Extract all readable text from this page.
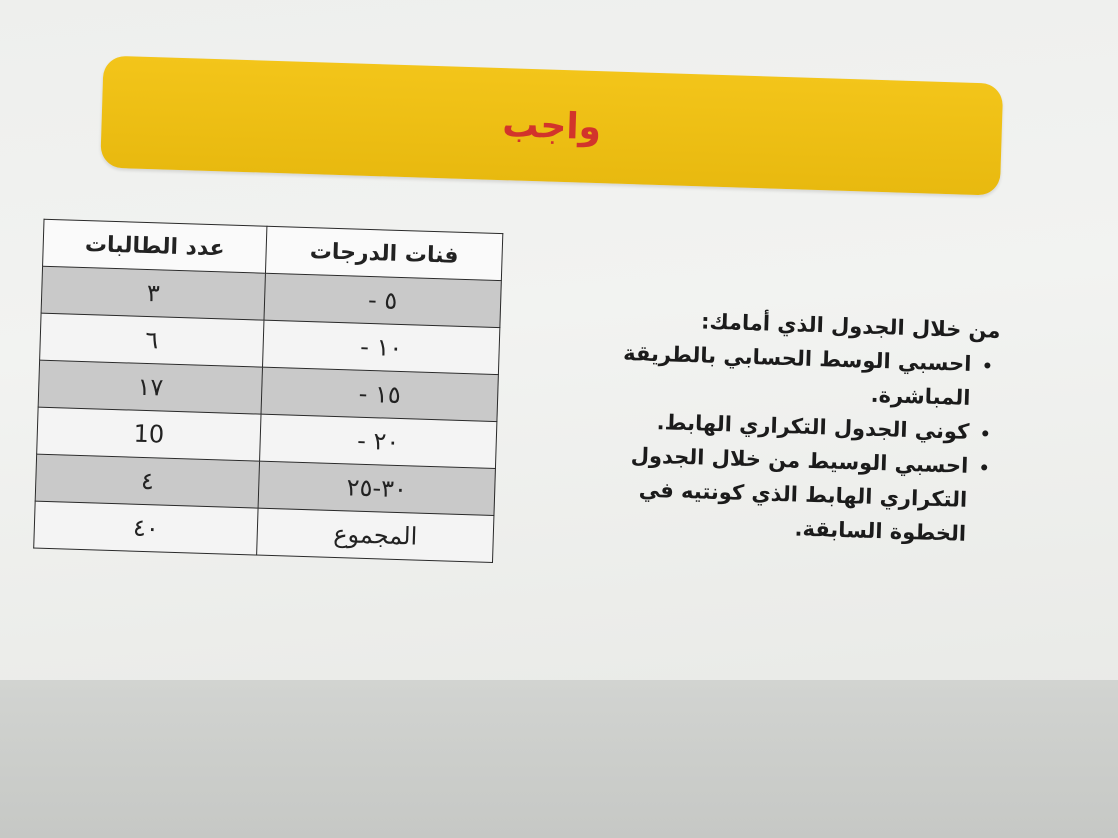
واجب
فنات الدرجات	عدد الطالبات
٥ -	٣
١٠ -	٦
١٥ -	١٧
٢٠ -	10
٣٠-٢٥	٤
المجموع	٤٠

من خلال الجدول الذي أمامك:

• احسبي الوسط الحسابي بالطريقة المباشرة.
• كوني الجدول التكراري الهابط.
• احسبي الوسيط من خلال الجدول التكراري الهابط الذي كونتيه في الخطوة السابقة.
